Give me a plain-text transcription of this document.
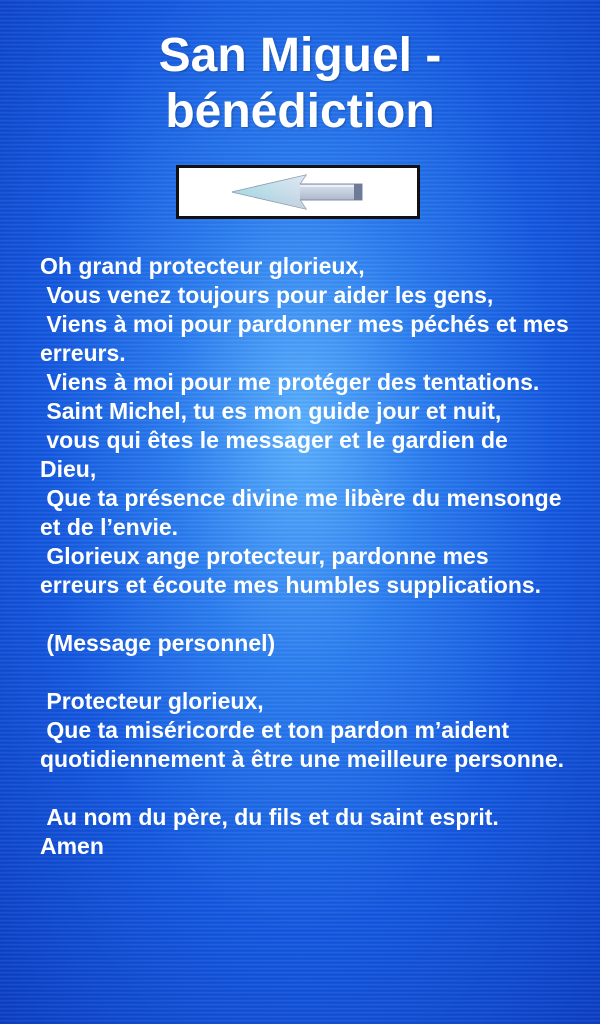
San Miguel -
bénédiction
Oh grand protecteur glorieux,
Vous venez toujours pour aider les gens,
Viens à moi pour pardonner mes péchés et mes erreurs.
Viens à moi pour me protéger des tentations.
Saint Michel, tu es mon guide jour et nuit,
vous qui êtes le messager et le gardien de Dieu,
Que ta présence divine me libère du mensonge et de l’envie.
Glorieux ange protecteur, pardonne mes erreurs et écoute mes humbles supplications.
(Message personnel)
Protecteur glorieux,
Que ta miséricorde et ton pardon m’aident quotidiennement à être une meilleure personne.
Au nom du père, du fils et du saint esprit.
Amen
